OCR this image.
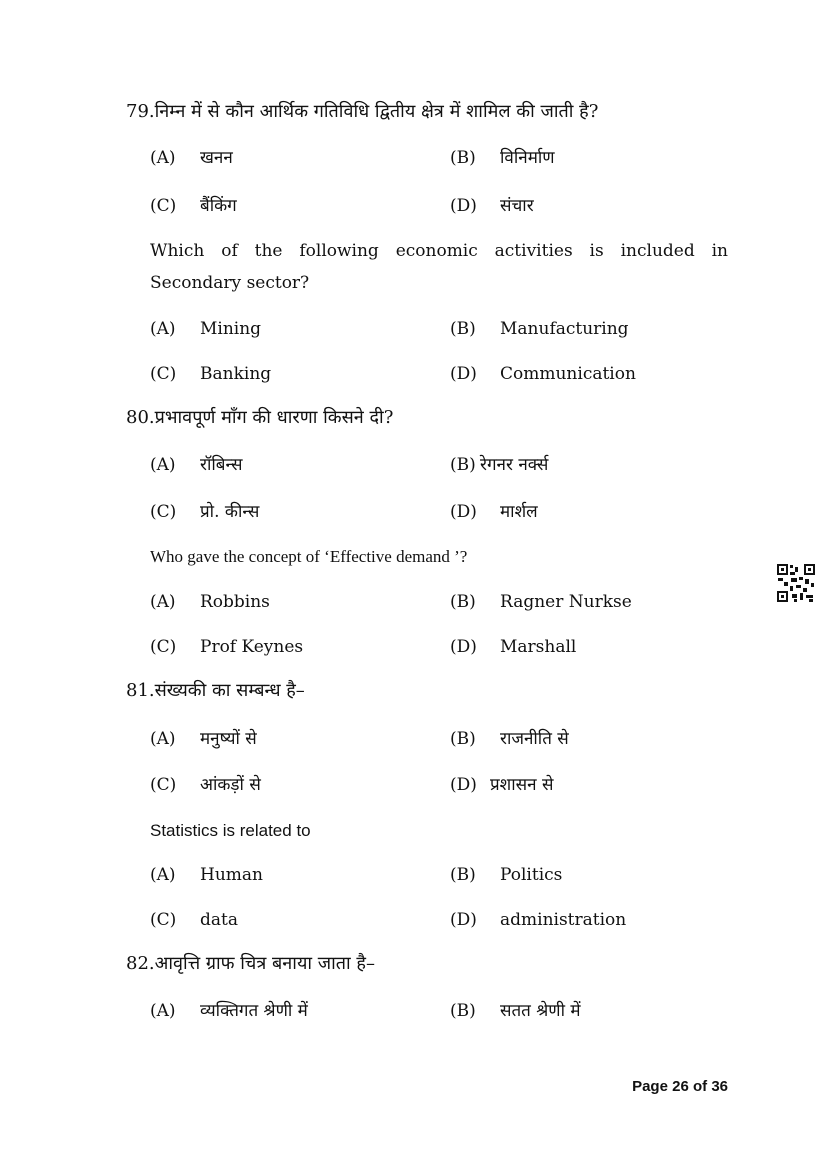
79.निम्न में से कौन आर्थिक गतिविधि द्वितीय क्षेत्र में शामिल की जाती है?
(A) खनन	(B) विनिर्माण
(C) बैंकिंग	(D) संचार
Which of the following economic activities is included in Secondary sector?
(A) Mining	(B) Manufacturing
(C) Banking	(D) Communication
80.प्रभावपूर्ण माँग की धारणा किसने दी?
(A) रॉबिन्स	(B) रेगनर नर्क्स
(C) प्रो. कीन्स	(D) मार्शल
Who gave the concept of ‘Effective demand ’?
(A) Robbins	(B) Ragner Nurkse
(C) Prof Keynes	(D) Marshall
81.संख्यकी का सम्बन्ध है–
(A) मनुष्यों से	(B) राजनीति से
(C) आंकड़ों से	(D) प्रशासन से
Statistics is related to
(A) Human	(B) Politics
(C) data	(D) administration
82.आवृत्ति ग्राफ चित्र बनाया जाता है–
(A) व्यक्तिगत श्रेणी में	(B) सतत श्रेणी में
Page 26 of 36
